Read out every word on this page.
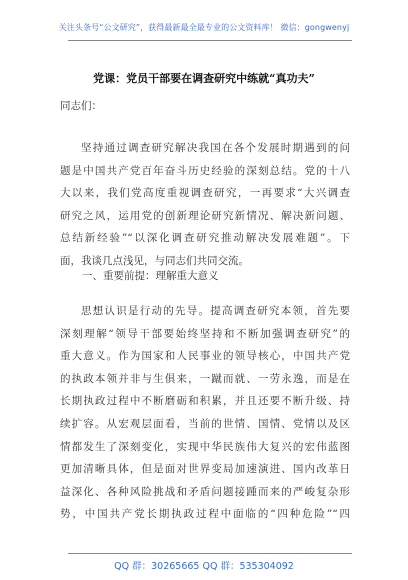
关注头条号“公文研究”，获得最新最全最专业的公文资料库！ 微信：gongwenyj
党课：党员干部要在调查研究中练就“真功夫”
同志们：
坚持通过调查研究解决我国在各个发展时期遇到的问
题是中国共产党百年奋斗历史经验的深刻总结。党的十八
大以来，我们党高度重视调查研究，一再要求“大兴调查
研究之风，运用党的创新理论研究新情况、解决新问题、
总结新经验”“以深化调查研究推动解决发展难题”。下
面，我谈几点浅见，与同志们共同交流。
一、重要前提：理解重大意义
思想认识是行动的先导。提高调查研究本领，首先要
深刻理解“领导干部要始终坚持和不断加强调查研究”的
重大意义。作为国家和人民事业的领导核心，中国共产党
的执政本领并非与生俱来，一蹴而就、一劳永逸，而是在
长期执政过程中不断磨砺和积累，并且还要不断升级、持
续扩容。从宏观层面看，当前的世情、国情、党情以及区
情都发生了深刻变化，实现中华民族伟大复兴的宏伟蓝图
更加清晰具体，但是面对世界变局加速演进、国内改革日
益深化、各种风险挑战和矛盾问题接踵而来的严峻复杂形
势，中国共产党长期执政过程中面临的“四种危险”“四
QQ 群：30265665 QQ 群：535304092
